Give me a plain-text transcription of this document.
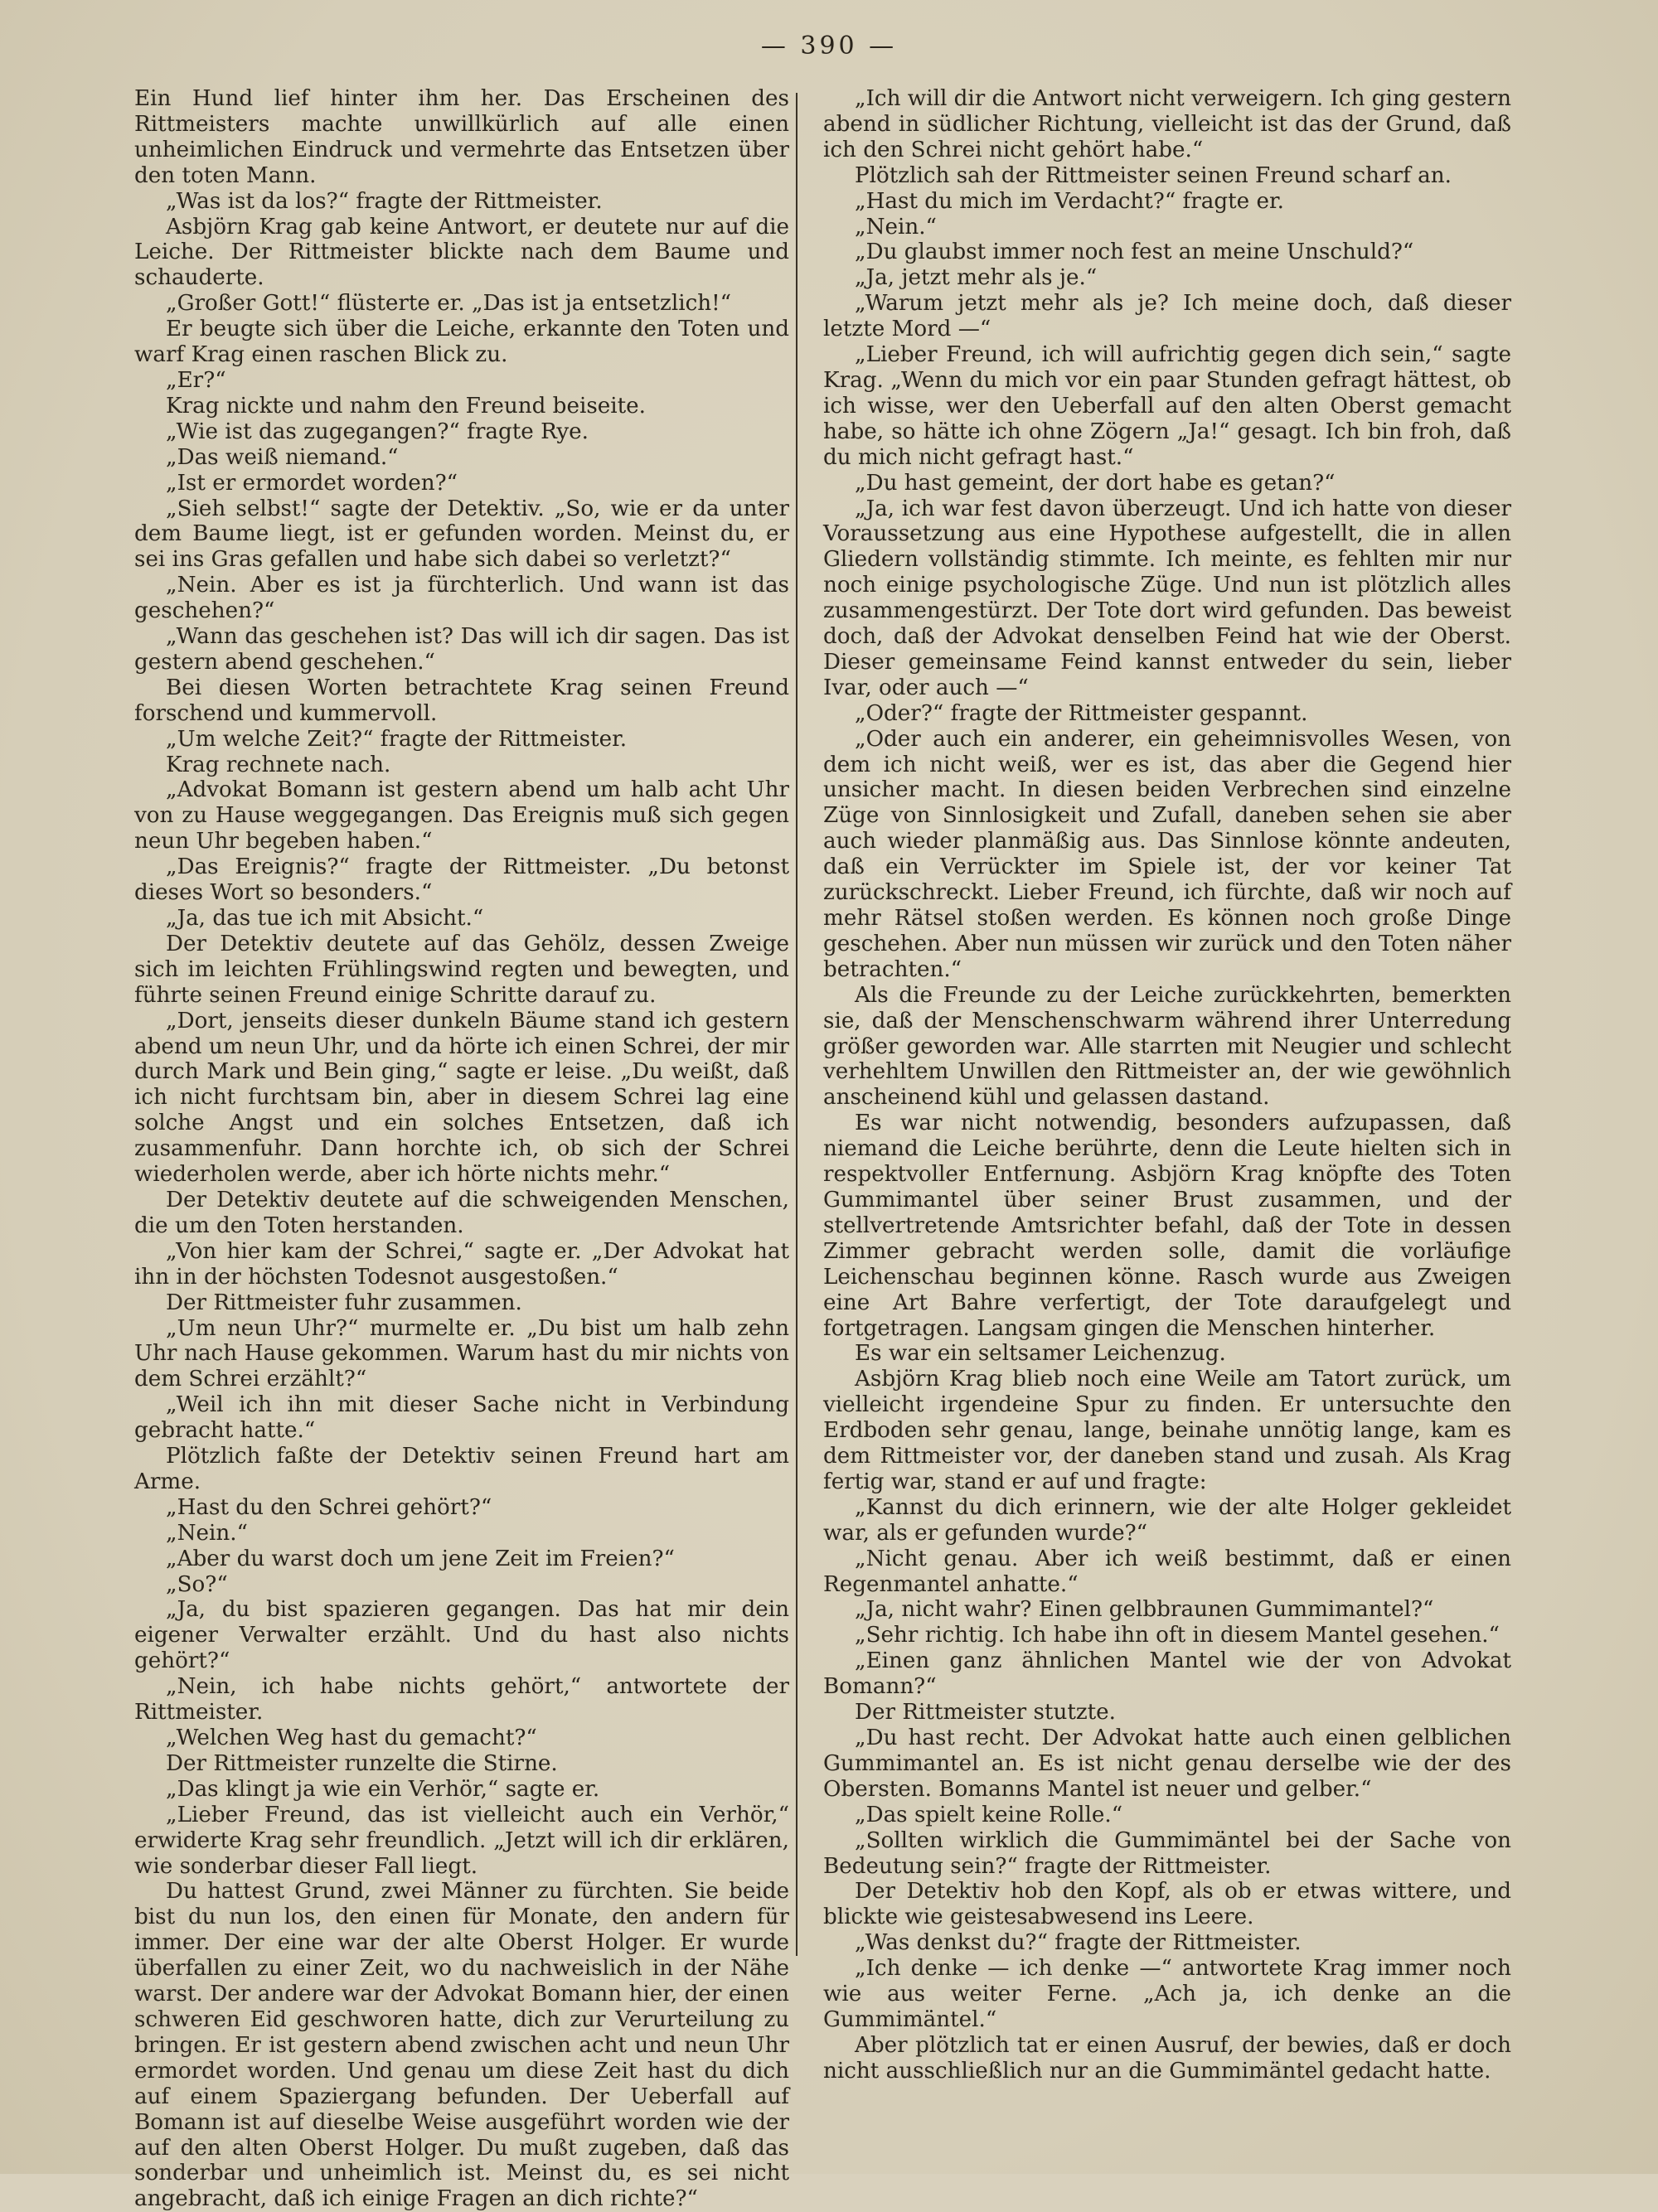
— 390 —

Ein Hund lief hinter ihm her. Das Erscheinen des Rittmeisters machte unwillkürlich auf alle einen unheimlichen Eindruck und vermehrte das Entsetzen über den toten Mann.

„Was ist da los?“ fragte der Rittmeister.

Asbjörn Krag gab keine Antwort, er deutete nur auf die Leiche. Der Rittmeister blickte nach dem Baume und schauderte.

„Großer Gott!“ flüsterte er. „Das ist ja entsetzlich!“

Er beugte sich über die Leiche, erkannte den Toten und warf Krag einen raschen Blick zu.

„Er?“

Krag nickte und nahm den Freund beiseite.

„Wie ist das zugegangen?“ fragte Rye.

„Das weiß niemand.“

„Ist er ermordet worden?“

„Sieh selbst!“ sagte der Detektiv. „So, wie er da unter dem Baume liegt, ist er gefunden worden. Meinst du, er sei ins Gras gefallen und habe sich dabei so verletzt?“

„Nein. Aber es ist ja fürchterlich. Und wann ist das geschehen?“

„Wann das geschehen ist? Das will ich dir sagen. Das ist gestern abend geschehen.“

Bei diesen Worten betrachtete Krag seinen Freund forschend und kummervoll.

„Um welche Zeit?“ fragte der Rittmeister.

Krag rechnete nach.

„Advokat Bomann ist gestern abend um halb acht Uhr von zu Hause weggegangen. Das Ereignis muß sich gegen neun Uhr begeben haben.“

„Das Ereignis?“ fragte der Rittmeister. „Du betonst dieses Wort so besonders.“

„Ja, das tue ich mit Absicht.“

Der Detektiv deutete auf das Gehölz, dessen Zweige sich im leichten Frühlingswind regten und bewegten, und führte seinen Freund einige Schritte darauf zu.

„Dort, jenseits dieser dunkeln Bäume stand ich gestern abend um neun Uhr, und da hörte ich einen Schrei, der mir durch Mark und Bein ging,“ sagte er leise. „Du weißt, daß ich nicht furchtsam bin, aber in diesem Schrei lag eine solche Angst und ein solches Entsetzen, daß ich zusammenfuhr. Dann horchte ich, ob sich der Schrei wiederholen werde, aber ich hörte nichts mehr.“

Der Detektiv deutete auf die schweigenden Menschen, die um den Toten herstanden.

„Von hier kam der Schrei,“ sagte er. „Der Advokat hat ihn in der höchsten Todesnot ausgestoßen.“

Der Rittmeister fuhr zusammen.

„Um neun Uhr?“ murmelte er. „Du bist um halb zehn Uhr nach Hause gekommen. Warum hast du mir nichts von dem Schrei erzählt?“

„Weil ich ihn mit dieser Sache nicht in Verbindung gebracht hatte.“

Plötzlich faßte der Detektiv seinen Freund hart am Arme.

„Hast du den Schrei gehört?“

„Nein.“

„Aber du warst doch um jene Zeit im Freien?“

„So?“

„Ja, du bist spazieren gegangen. Das hat mir dein eigener Verwalter erzählt. Und du hast also nichts gehört?“

„Nein, ich habe nichts gehört,“ antwortete der Rittmeister.

„Welchen Weg hast du gemacht?“

Der Rittmeister runzelte die Stirne.

„Das klingt ja wie ein Verhör,“ sagte er.

„Lieber Freund, das ist vielleicht auch ein Verhör,“ erwiderte Krag sehr freundlich. „Jetzt will ich dir erklären, wie sonderbar dieser Fall liegt.

Du hattest Grund, zwei Männer zu fürchten. Sie beide bist du nun los, den einen für Monate, den andern für immer. Der eine war der alte Oberst Holger. Er wurde überfallen zu einer Zeit, wo du nachweislich in der Nähe warst. Der andere war der Advokat Bomann hier, der einen schweren Eid geschworen hatte, dich zur Verurteilung zu bringen. Er ist gestern abend zwischen acht und neun Uhr ermordet worden. Und genau um diese Zeit hast du dich auf einem Spaziergang befunden. Der Ueberfall auf Bomann ist auf dieselbe Weise ausgeführt worden wie der auf den alten Oberst Holger. Du mußt zugeben, daß das sonderbar und unheimlich ist. Meinst du, es sei nicht angebracht, daß ich einige Fragen an dich richte?“

„Ich will dir die Antwort nicht verweigern. Ich ging gestern abend in südlicher Richtung, vielleicht ist das der Grund, daß ich den Schrei nicht gehört habe.“

Plötzlich sah der Rittmeister seinen Freund scharf an.

„Hast du mich im Verdacht?“ fragte er.

„Nein.“

„Du glaubst immer noch fest an meine Unschuld?“

„Ja, jetzt mehr als je.“

„Warum jetzt mehr als je? Ich meine doch, daß dieser letzte Mord —“

„Lieber Freund, ich will aufrichtig gegen dich sein,“ sagte Krag. „Wenn du mich vor ein paar Stunden gefragt hättest, ob ich wisse, wer den Ueberfall auf den alten Oberst gemacht habe, so hätte ich ohne Zögern „Ja!“ gesagt. Ich bin froh, daß du mich nicht gefragt hast.“

„Du hast gemeint, der dort habe es getan?“

„Ja, ich war fest davon überzeugt. Und ich hatte von dieser Voraussetzung aus eine Hypothese aufgestellt, die in allen Gliedern vollständig stimmte. Ich meinte, es fehlten mir nur noch einige psychologische Züge. Und nun ist plötzlich alles zusammengestürzt. Der Tote dort wird gefunden. Das beweist doch, daß der Advokat denselben Feind hat wie der Oberst. Dieser gemeinsame Feind kannst entweder du sein, lieber Ivar, oder auch —“

„Oder?“ fragte der Rittmeister gespannt.

„Oder auch ein anderer, ein geheimnisvolles Wesen, von dem ich nicht weiß, wer es ist, das aber die Gegend hier unsicher macht. In diesen beiden Verbrechen sind einzelne Züge von Sinnlosigkeit und Zufall, daneben sehen sie aber auch wieder planmäßig aus. Das Sinnlose könnte andeuten, daß ein Verrückter im Spiele ist, der vor keiner Tat zurückschreckt. Lieber Freund, ich fürchte, daß wir noch auf mehr Rätsel stoßen werden. Es können noch große Dinge geschehen. Aber nun müssen wir zurück und den Toten näher betrachten.“

Als die Freunde zu der Leiche zurückkehrten, bemerkten sie, daß der Menschenschwarm während ihrer Unterredung größer geworden war. Alle starrten mit Neugier und schlecht verhehltem Unwillen den Rittmeister an, der wie gewöhnlich anscheinend kühl und gelassen dastand.

Es war nicht notwendig, besonders aufzupassen, daß niemand die Leiche berührte, denn die Leute hielten sich in respektvoller Entfernung. Asbjörn Krag knöpfte des Toten Gummimantel über seiner Brust zusammen, und der stellvertretende Amtsrichter befahl, daß der Tote in dessen Zimmer gebracht werden solle, damit die vorläufige Leichenschau beginnen könne. Rasch wurde aus Zweigen eine Art Bahre verfertigt, der Tote daraufgelegt und fortgetragen. Langsam gingen die Menschen hinterher.

Es war ein seltsamer Leichenzug.

Asbjörn Krag blieb noch eine Weile am Tatort zurück, um vielleicht irgendeine Spur zu finden. Er untersuchte den Erdboden sehr genau, lange, beinahe unnötig lange, kam es dem Rittmeister vor, der daneben stand und zusah. Als Krag fertig war, stand er auf und fragte:

„Kannst du dich erinnern, wie der alte Holger gekleidet war, als er gefunden wurde?“

„Nicht genau. Aber ich weiß bestimmt, daß er einen Regenmantel anhatte.“

„Ja, nicht wahr? Einen gelbbraunen Gummimantel?“

„Sehr richtig. Ich habe ihn oft in diesem Mantel gesehen.“

„Einen ganz ähnlichen Mantel wie der von Advokat Bomann?“

Der Rittmeister stutzte.

„Du hast recht. Der Advokat hatte auch einen gelblichen Gummimantel an. Es ist nicht genau derselbe wie der des Obersten. Bomanns Mantel ist neuer und gelber.“

„Das spielt keine Rolle.“

„Sollten wirklich die Gummimäntel bei der Sache von Bedeutung sein?“ fragte der Rittmeister.

Der Detektiv hob den Kopf, als ob er etwas wittere, und blickte wie geistesabwesend ins Leere.

„Was denkst du?“ fragte der Rittmeister.

„Ich denke — ich denke —“ antwortete Krag immer noch wie aus weiter Ferne. „Ach ja, ich denke an die Gummimäntel.“

Aber plötzlich tat er einen Ausruf, der bewies, daß er doch nicht ausschließlich nur an die Gummimäntel gedacht hatte.
